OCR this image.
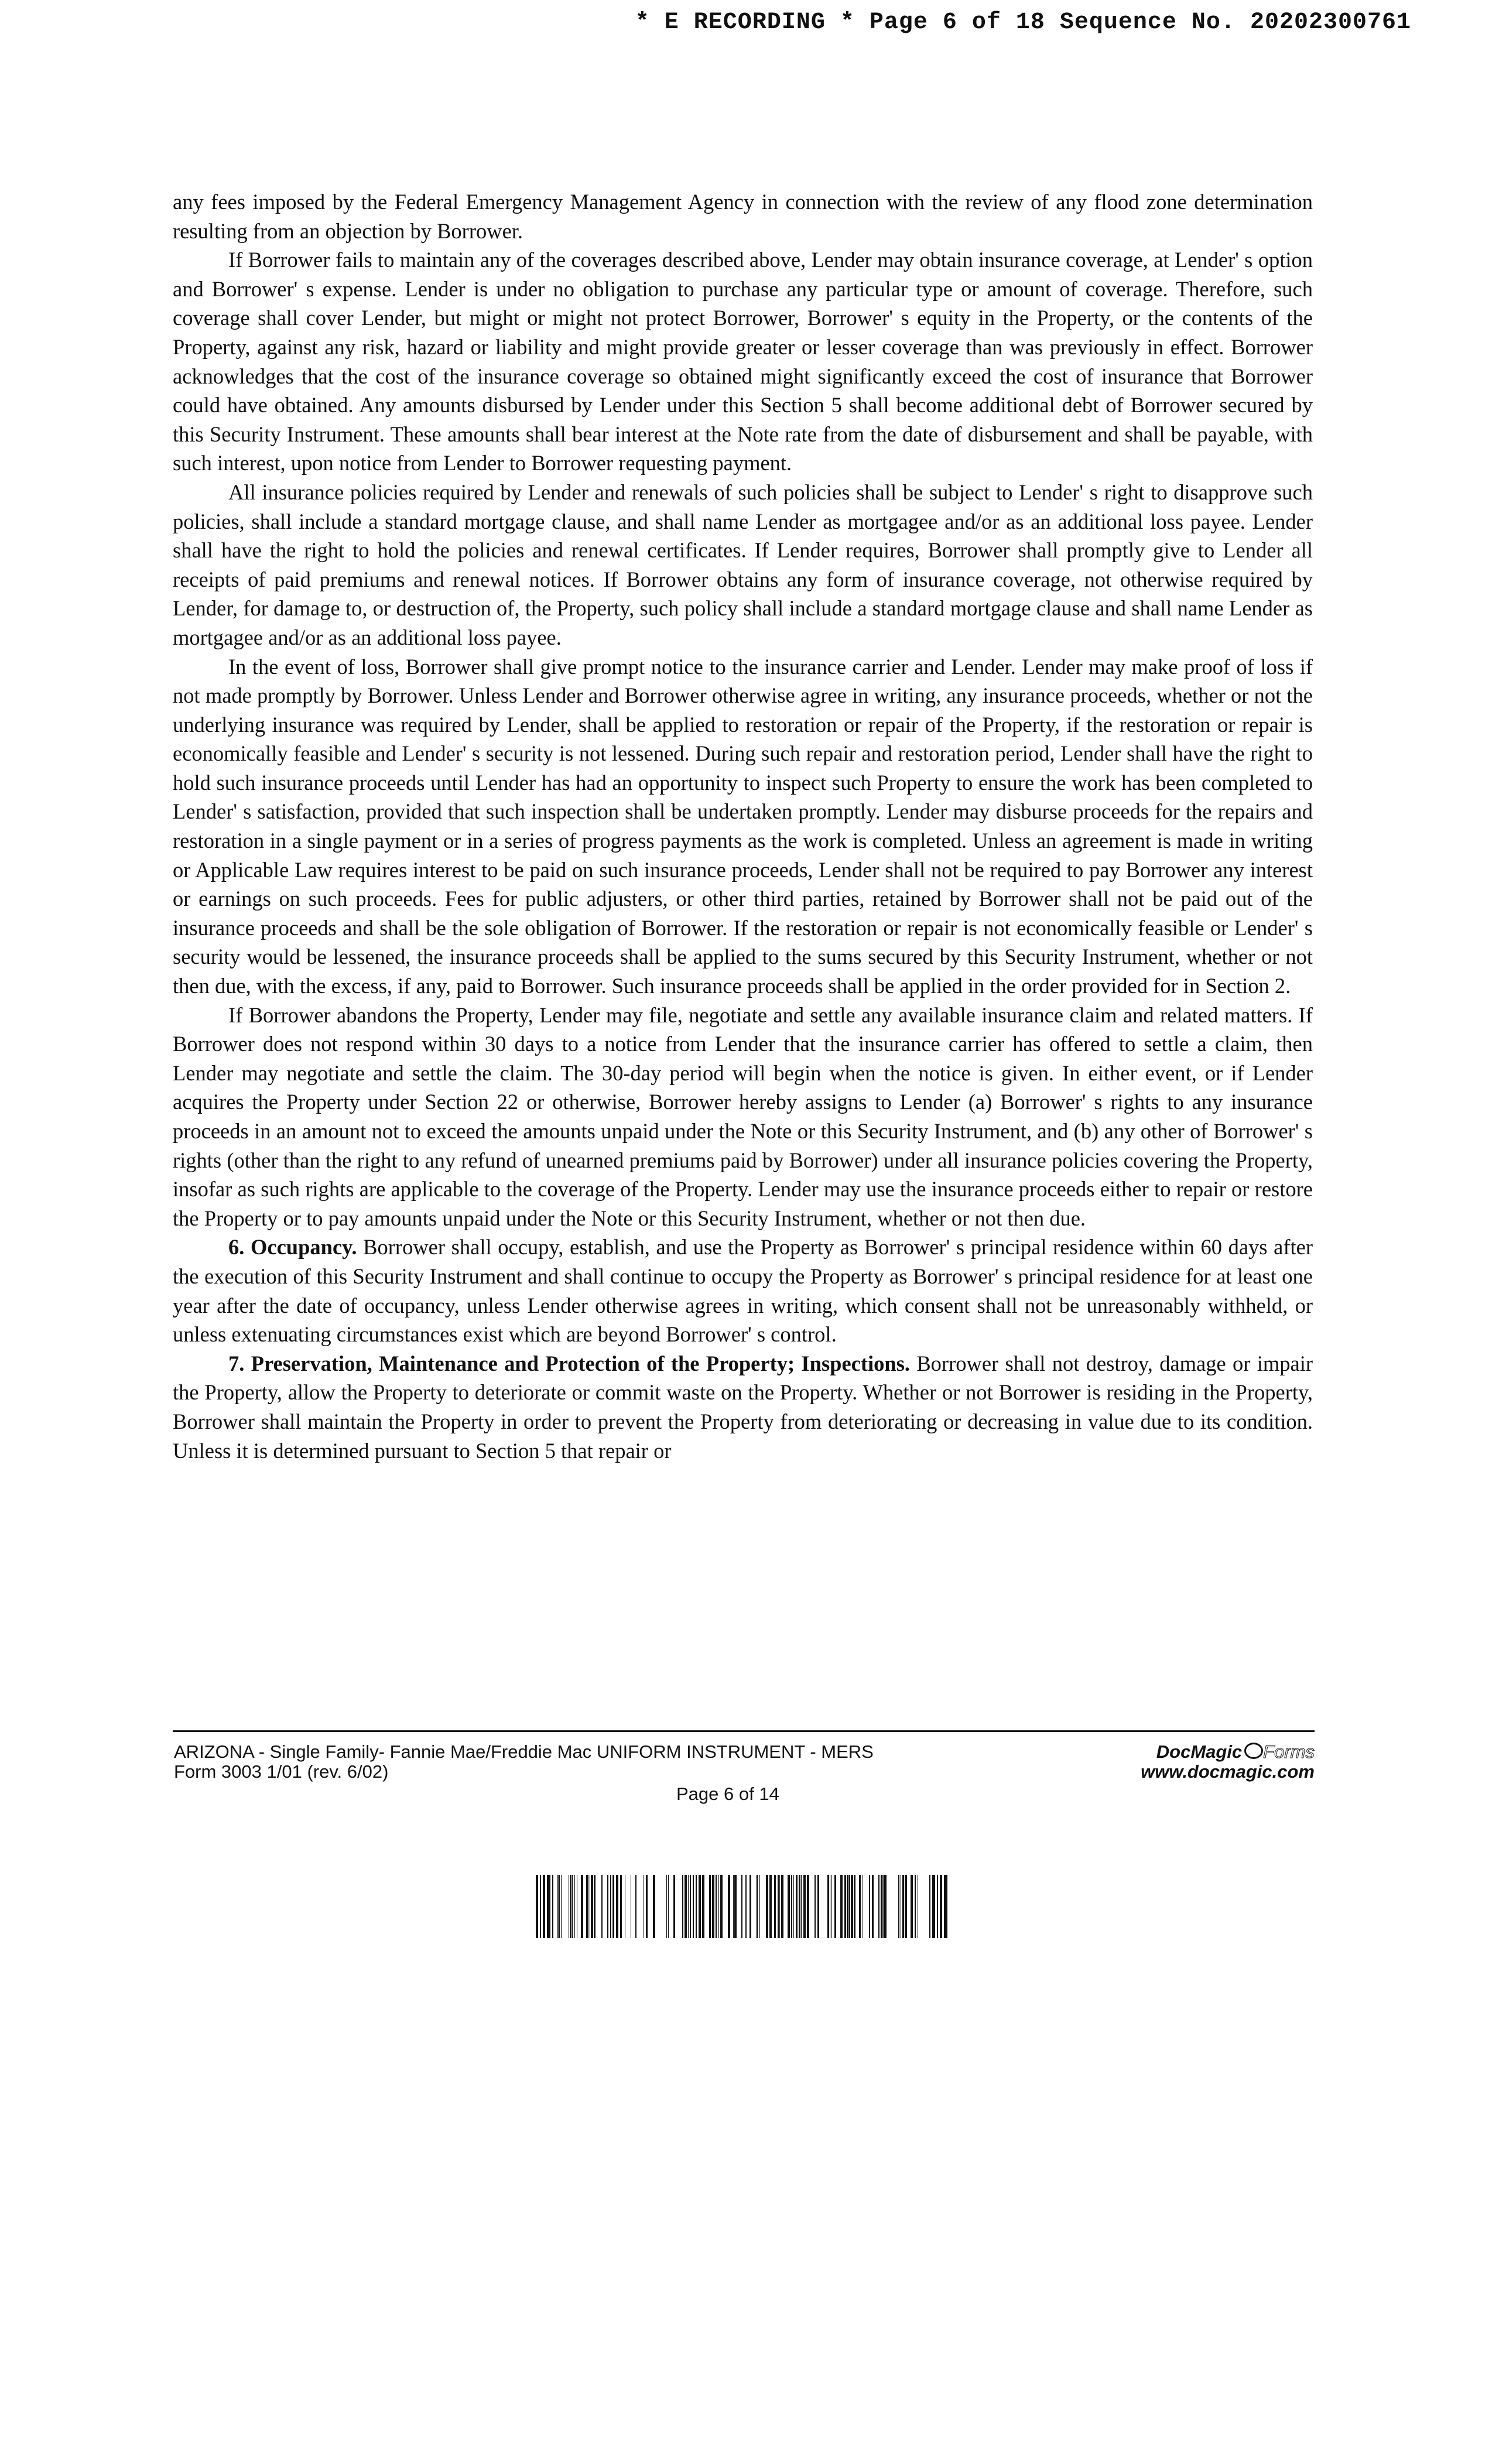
* E RECORDING * Page 6 of 18 Sequence No. 20202300761

any fees imposed by the Federal Emergency Management Agency in connection with the review of any flood zone determination resulting from an objection by Borrower.

If Borrower fails to maintain any of the coverages described above, Lender may obtain insurance coverage, at Lender' s option and Borrower' s expense. Lender is under no obligation to purchase any particular type or amount of coverage. Therefore, such coverage shall cover Lender, but might or might not protect Borrower, Borrower' s equity in the Property, or the contents of the Property, against any risk, hazard or liability and might provide greater or lesser coverage than was previously in effect. Borrower acknowledges that the cost of the insurance coverage so obtained might significantly exceed the cost of insurance that Borrower could have obtained. Any amounts disbursed by Lender under this Section 5 shall become additional debt of Borrower secured by this Security Instrument. These amounts shall bear interest at the Note rate from the date of disbursement and shall be payable, with such interest, upon notice from Lender to Borrower requesting payment.

All insurance policies required by Lender and renewals of such policies shall be subject to Lender' s right to disapprove such policies, shall include a standard mortgage clause, and shall name Lender as mortgagee and/or as an additional loss payee. Lender shall have the right to hold the policies and renewal certificates. If Lender requires, Borrower shall promptly give to Lender all receipts of paid premiums and renewal notices. If Borrower obtains any form of insurance coverage, not otherwise required by Lender, for damage to, or destruction of, the Property, such policy shall include a standard mortgage clause and shall name Lender as mortgagee and/or as an additional loss payee.

In the event of loss, Borrower shall give prompt notice to the insurance carrier and Lender. Lender may make proof of loss if not made promptly by Borrower. Unless Lender and Borrower otherwise agree in writing, any insurance proceeds, whether or not the underlying insurance was required by Lender, shall be applied to restoration or repair of the Property, if the restoration or repair is economically feasible and Lender' s security is not lessened. During such repair and restoration period, Lender shall have the right to hold such insurance proceeds until Lender has had an opportunity to inspect such Property to ensure the work has been completed to Lender' s satisfaction, provided that such inspection shall be undertaken promptly. Lender may disburse proceeds for the repairs and restoration in a single payment or in a series of progress payments as the work is completed. Unless an agreement is made in writing or Applicable Law requires interest to be paid on such insurance proceeds, Lender shall not be required to pay Borrower any interest or earnings on such proceeds. Fees for public adjusters, or other third parties, retained by Borrower shall not be paid out of the insurance proceeds and shall be the sole obligation of Borrower. If the restoration or repair is not economically feasible or Lender' s security would be lessened, the insurance proceeds shall be applied to the sums secured by this Security Instrument, whether or not then due, with the excess, if any, paid to Borrower. Such insurance proceeds shall be applied in the order provided for in Section 2.

If Borrower abandons the Property, Lender may file, negotiate and settle any available insurance claim and related matters. If Borrower does not respond within 30 days to a notice from Lender that the insurance carrier has offered to settle a claim, then Lender may negotiate and settle the claim. The 30-day period will begin when the notice is given. In either event, or if Lender acquires the Property under Section 22 or otherwise, Borrower hereby assigns to Lender (a) Borrower' s rights to any insurance proceeds in an amount not to exceed the amounts unpaid under the Note or this Security Instrument, and (b) any other of Borrower' s rights (other than the right to any refund of unearned premiums paid by Borrower) under all insurance policies covering the Property, insofar as such rights are applicable to the coverage of the Property. Lender may use the insurance proceeds either to repair or restore the Property or to pay amounts unpaid under the Note or this Security Instrument, whether or not then due.

6. Occupancy. Borrower shall occupy, establish, and use the Property as Borrower' s principal residence within 60 days after the execution of this Security Instrument and shall continue to occupy the Property as Borrower' s principal residence for at least one year after the date of occupancy, unless Lender otherwise agrees in writing, which consent shall not be unreasonably withheld, or unless extenuating circumstances exist which are beyond Borrower' s control.

7. Preservation, Maintenance and Protection of the Property; Inspections. Borrower shall not destroy, damage or impair the Property, allow the Property to deteriorate or commit waste on the Property. Whether or not Borrower is residing in the Property, Borrower shall maintain the Property in order to prevent the Property from deteriorating or decreasing in value due to its condition. Unless it is determined pursuant to Section 5 that repair or

ARIZONA - Single Family- Fannie Mae/Freddie Mac UNIFORM INSTRUMENT - MERS
Form 3003 1/01 (rev. 6/02)
Page 6 of 14
DocMagic Forms
www.docmagic.com
